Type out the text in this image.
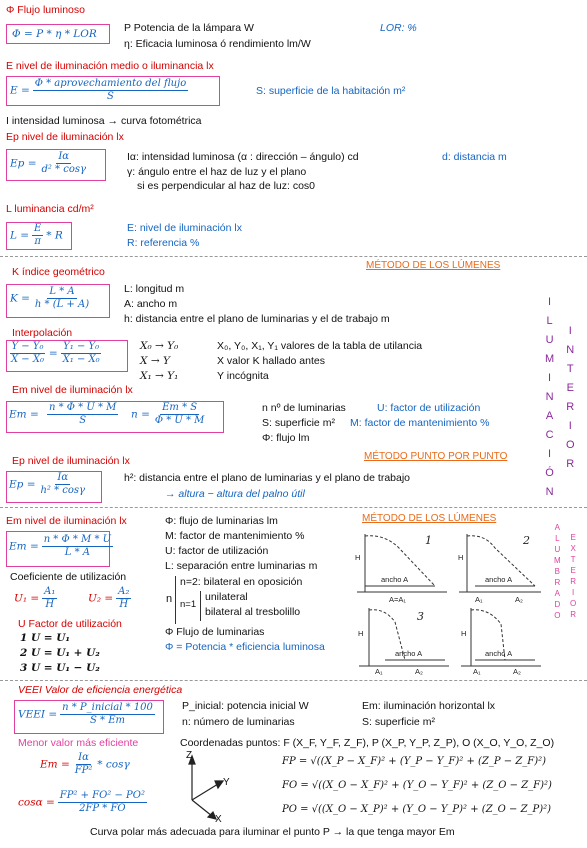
Φ Flujo luminoso
Φ = P * η * LOR	P Potencia de la lámpara W	LOR: %
η: Eficacia luminosa ó rendimiento lm/W
E nivel de iluminación medio o iluminancia lx
$E = \frac{\text{Φ * aprovechamiento del flujo}}{S}$	S: superficie de la habitación m²
I intensidad luminosa → curva fotométrica
Ep nivel de iluminación lx
$Ep = \frac{I\alpha}{\text{d² * cosγ}}$	Iα: intensidad luminosa (α : dirección – ángulo) cd	d: distancia m
γ: ángulo entre el haz de luz y el plano
si es perpendicular al haz de luz: cos0
L luminancia cd/m²
$L = \frac{E}{\pi} * R$
E: nivel de iluminación lx
R: referencia %
MÉTODO DE LOS LÚMENES
K índice geométrico
$K = \frac{L * A}{h * (L + A)}$	L: longitud m
A: ancho m
h: distancia entre el plano de luminarias y el de trabajo m
Interpolación
$\frac{\text{Y − Y₀}}{\text{X − X₀}} = \frac{\text{Y₁ − Y₀}}{\text{X₁ − X₀}}$	X₀ → Y₀
X → Y
X₁ → Y₁
X₀, Y₀, X₁, Y₁ valores de la tabla de utilancia
X valor K hallado antes
Y incógnita
Em nivel de iluminación lx
$Em = \frac{n * \Phi * U * M}{S}$ $n = \frac{Em * S}{\Phi * U * M}$	n nº de luminarias	U: factor de utilización
S: superficie m² M: factor de mantenimiento %
Φ: flujo lm
MÉTODO PUNTO POR PUNTO
Ep nivel de iluminación lx
$Ep = \frac{I\alpha}{\text{h² * cosγ}}$	h²: distancia entre el plano de luminarias y el plano de trabajo
→ altura − altura del palno útil
I
L
U
M
I
N
A
C
I
Ó
N
I
N
T
E
R
I
O
R
Em nivel de iluminación lx
$Em = \frac{n * \Phi * M * U}{L * A}$
Φ: flujo de luminarias lm
M: factor de mantenimiento %
U: factor de utilización
L: separación entre luminarias m
n
n=2: bilateral en oposición
n=1
unilateral
bilateral al tresbolillo
Coeficiente de utilización
$U_1 = \frac{\text{A₁}}{H}$	$U_2 = \frac{\text{A₂}}{H}$
U Factor de utilización
1 U = U₁
2 U = U₁ + U₂
3 U = U₁ − U₂
Φ Flujo de luminarias
Φ = Potencia * eficiencia luminosa
MÉTODO DE LOS LÚMENES
1	2
3
H	H
H	H
ancho A	ancho A
ancho A	ancho A
A=A₁	A₁	A₂
A₁	A₂	A₁	A₂
A
L
U
M
B
R
A
D
O
E
X
T
E
R
I
O
R
VEEI Valor de eficiencia energética
VEEI = $\frac{\text{n * P\_inicial * 100}}{S * Em}$	P_inicial: potencia inicial W
n: número de luminarias
Em: iluminación horizontal lx
S: superficie m²
Menor valor más eficiente	Coordenadas puntos: F (X_F, Y_F, Z_F), P (X_P, Y_P, Z_P), O (X_O, Y_O, Z_O)
$Em = \frac{I\alpha}{\text{FP²}} * \cos\gamma$
$\cos\alpha = \frac{\text{FP² + FO² − PO²}}{2FP * FO}$
Z
Y
X
FP = √((X_P − X_F)² + (Y_P − Y_F)² + (Z_P − Z_F)²)
FO = √((X_O − X_F)² + (Y_O − Y_F)² + (Z_O − Z_F)²)
PO = √((X_O − X_P)² + (Y_O − Y_P)² + (Z_O − Z_P)²)
Curva polar más adecuada para iluminar el punto P → la que tenga mayor Em
